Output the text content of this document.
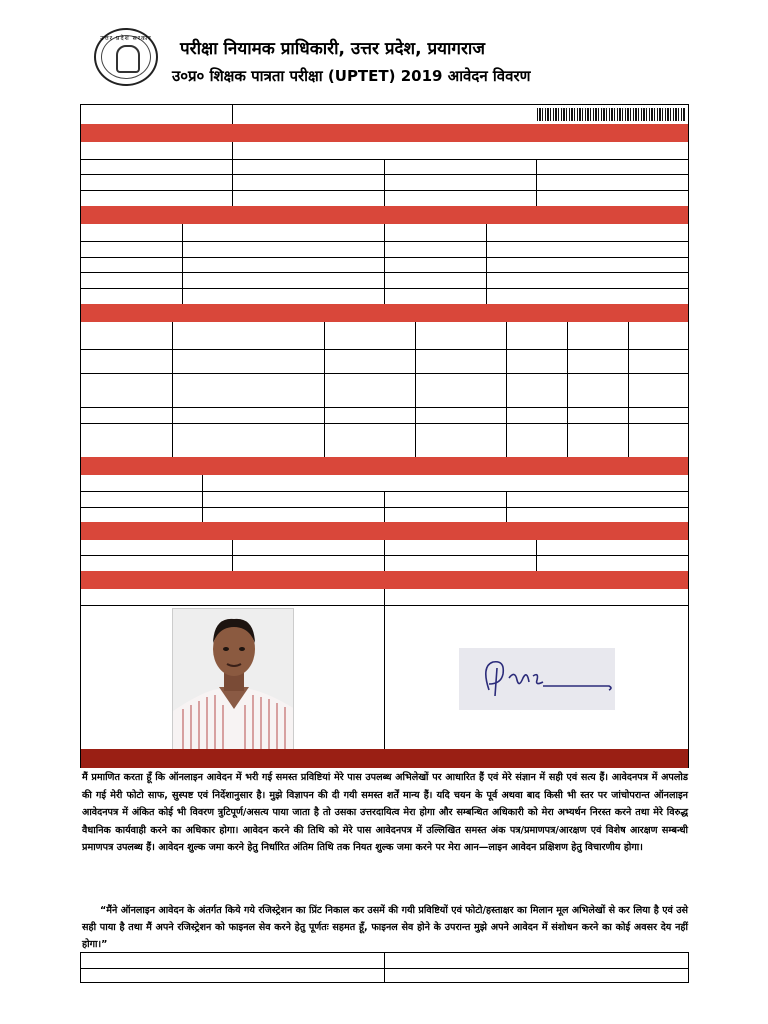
उत्तर प्रदेश सरकार
परीक्षा नियामक प्राधिकारी, उत्तर प्रदेश, प्रयागराज
उ०प्र० शिक्षक पात्रता परीक्षा (UPTET) 2019 आवेदन विवरण

मैं प्रमाणित करता हूँ कि ऑनलाइन आवेदन में भरी गई समस्त प्रविष्टियां मेरे पास उपलब्ध अभिलेखों पर आधारित हैं एवं मेरे संज्ञान में सही एवं सत्य हैं। आवेदनपत्र में अपलोड की गई मेरी फोटो साफ, सुस्पष्ट एवं निर्देशानुसार है। मुझे विज्ञापन की दी गयी समस्त शर्तें मान्य हैं। यदि चयन के पूर्व अथवा बाद किसी भी स्तर पर जांचोपरान्त ऑनलाइन आवेदनपत्र में अंकित कोई भी विवरण त्रुटिपूर्ण/असत्य पाया जाता है तो उसका उत्तरदायित्व मेरा होगा और सम्बन्धित अधिकारी को मेरा अभ्यर्थन निरस्त करने तथा मेरे विरुद्ध वैधानिक कार्यवाही करने का अधिकार होगा। आवेदन करने की तिथि को मेरे पास आवेदनपत्र में उल्लिखित समस्त अंक पत्र/प्रमाणपत्र/आरक्षण एवं विशेष आरक्षण सम्बन्धी प्रमाणपत्र उपलब्ध हैं। आवेदन शुल्क जमा करने हेतु निर्धारित अंतिम तिथि तक नियत शुल्क जमा करने पर मेरा आन—लाइन आवेदन प्रक्षिशण हेतु विचारणीय होगा।

“मैंने ऑनलाइन आवेदन के अंतर्गत किये गये रजिस्ट्रेशन का प्रिंट निकाल कर उसमें की गयी प्रविष्टियों एवं फोटो/हस्ताक्षर का मिलान मूल अभिलेखों से कर लिया है एवं उसे सही पाया है तथा मैं अपने रजिस्ट्रेशन को फाइनल सेव करने हेतु पूर्णतः सहमत हूँ, फाइनल सेव होने के उपरान्त मुझे अपने आवेदन में संशोधन करने का कोई अवसर देय नहीं होगा।”
